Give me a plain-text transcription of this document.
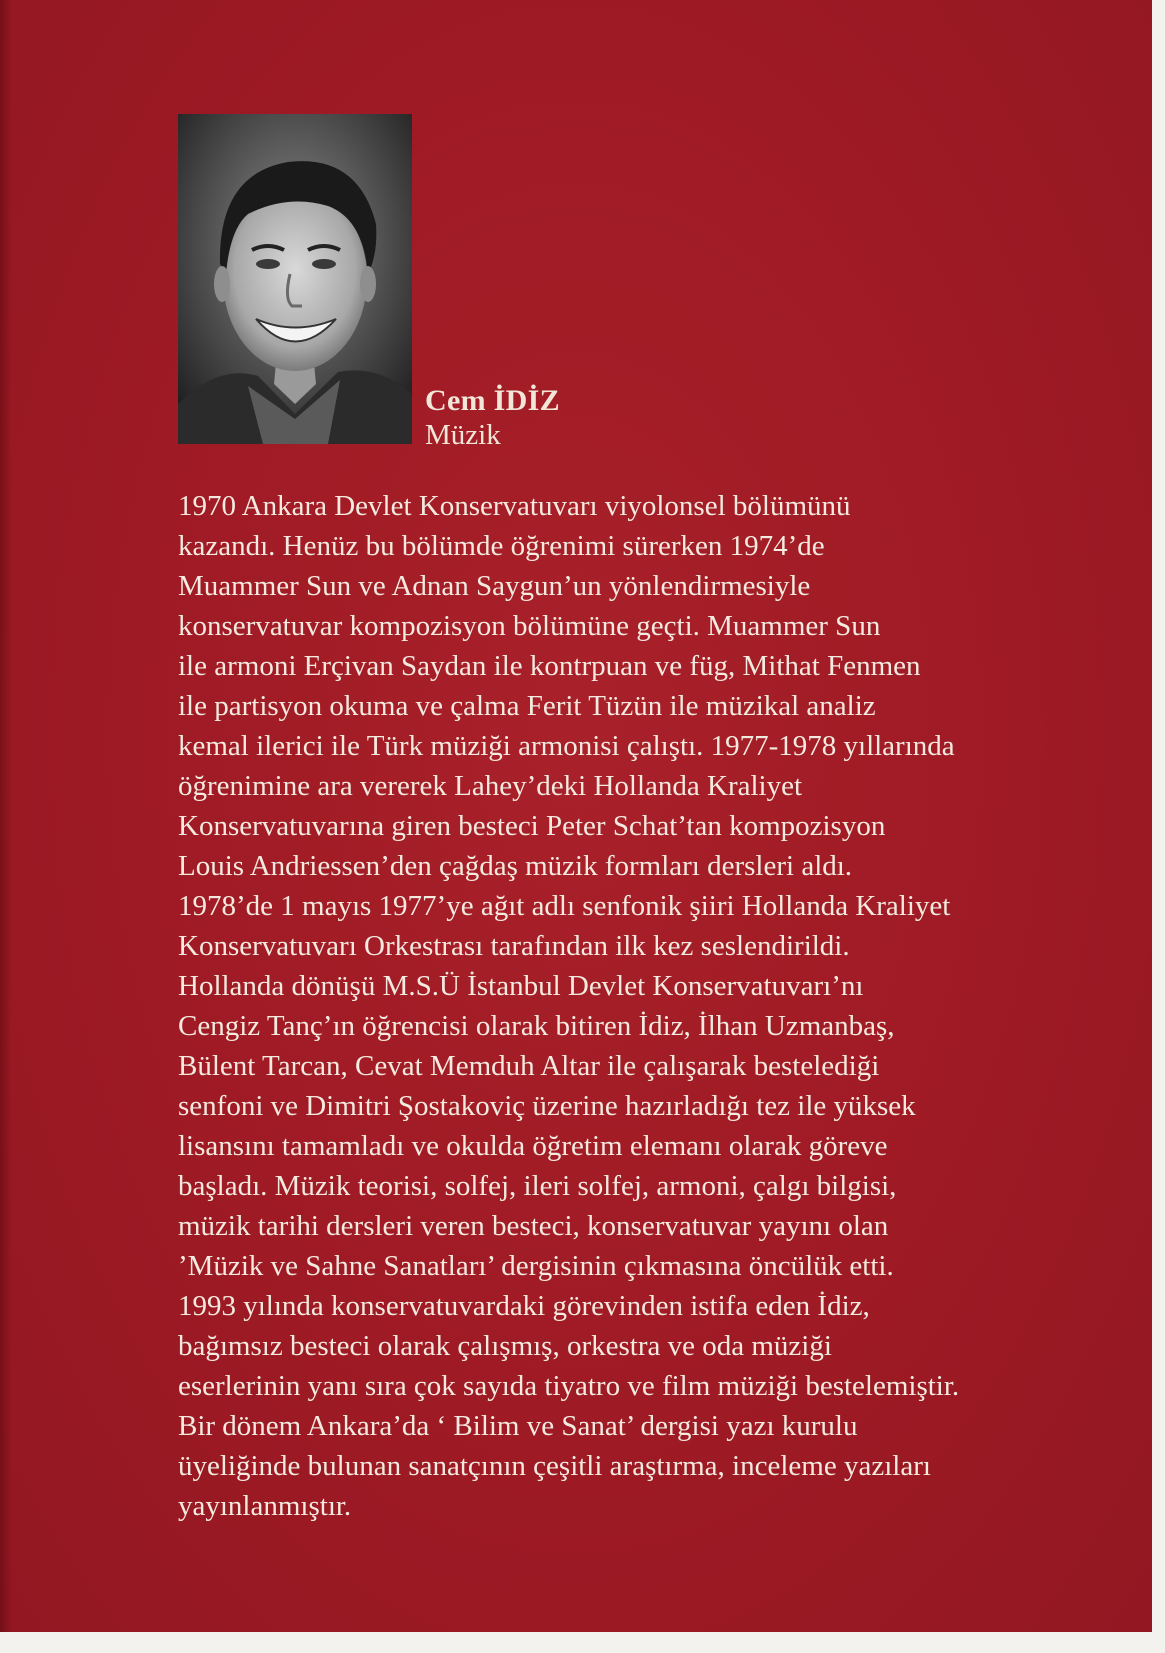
Cem İDİZ
Müzik
1970 Ankara Devlet Konservatuvarı viyolonsel bölümünü
kazandı. Henüz bu bölümde öğrenimi sürerken 1974’de
Muammer Sun ve Adnan Saygun’un yönlendirmesiyle
konservatuvar kompozisyon bölümüne geçti. Muammer Sun
ile armoni Erçivan Saydan ile kontrpuan ve füg, Mithat Fenmen
ile partisyon okuma ve çalma Ferit Tüzün ile müzikal analiz
kemal ilerici ile Türk müziği armonisi çalıştı. 1977-1978 yıllarında
öğrenimine ara vererek Lahey’deki Hollanda Kraliyet
Konservatuvarına giren besteci Peter Schat’tan kompozisyon
Louis Andriessen’den çağdaş müzik formları dersleri aldı.
1978’de 1 mayıs 1977’ye ağıt adlı senfonik şiiri Hollanda Kraliyet
Konservatuvarı Orkestrası tarafından ilk kez seslendirildi.
Hollanda dönüşü M.S.Ü İstanbul Devlet Konservatuvarı’nı
Cengiz Tanç’ın öğrencisi olarak bitiren İdiz, İlhan Uzmanbaş,
Bülent Tarcan, Cevat Memduh Altar ile çalışarak bestelediği
senfoni ve Dimitri Şostakoviç üzerine hazırladığı tez ile yüksek
lisansını tamamladı ve okulda öğretim elemanı olarak göreve
başladı. Müzik teorisi, solfej, ileri solfej, armoni, çalgı bilgisi,
müzik tarihi dersleri veren besteci, konservatuvar yayını olan
’Müzik ve Sahne Sanatları’ dergisinin çıkmasına öncülük etti.
1993 yılında konservatuvardaki görevinden istifa eden İdiz,
bağımsız besteci olarak çalışmış, orkestra ve oda müziği
eserlerinin yanı sıra çok sayıda tiyatro ve film müziği bestelemiştir.
Bir dönem Ankara’da ‘ Bilim ve Sanat’ dergisi yazı kurulu
üyeliğinde bulunan sanatçının çeşitli araştırma, inceleme yazıları
yayınlanmıştır.
